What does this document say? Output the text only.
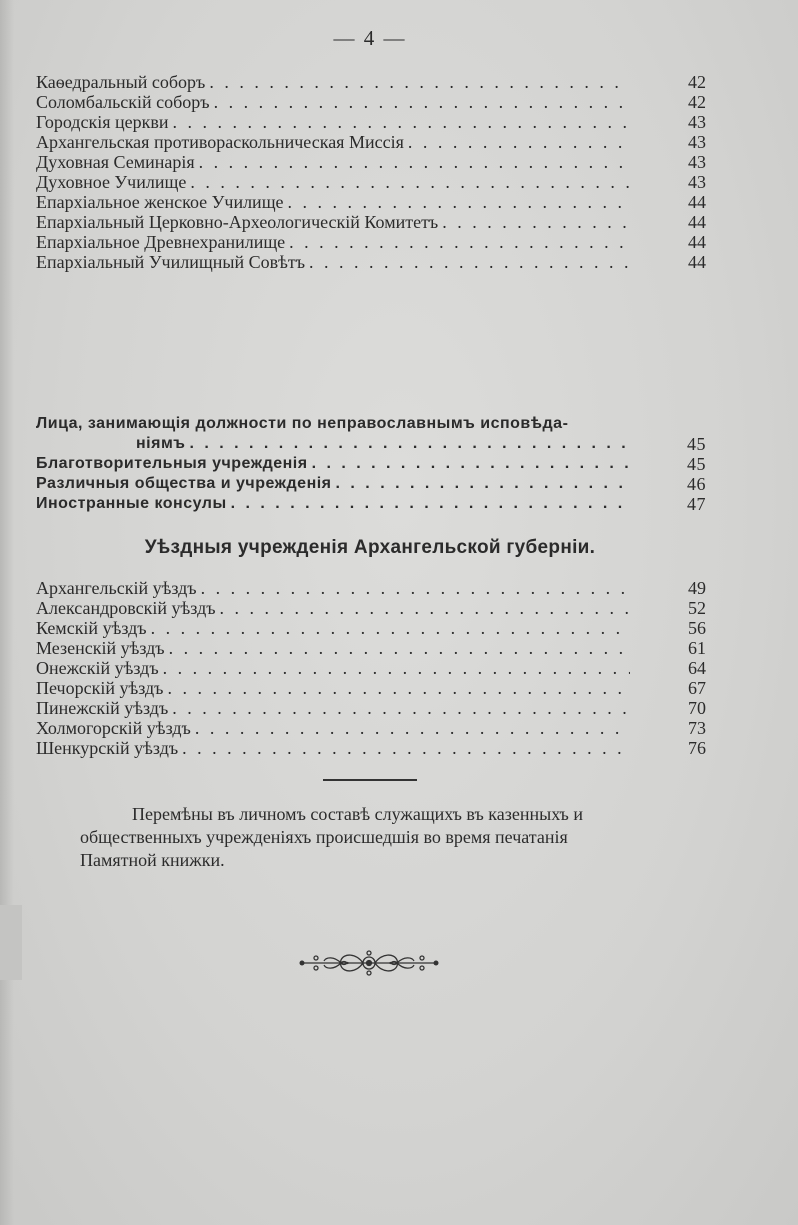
— 4 —
Каѳедральный соборъ . . .	42
Соломбальскій соборъ . . .	42
Городскія церкви . . .	43
Архангельская противораскольническая Миссія . . .	43
Духовная Семинарія . . .	43
Духовное Училище . . .	43
Епархіальное женское Училище . . .	44
Епархіальный Церковно-Археологическій Комитетъ . . .	44
Епархіальное Древнехранилище . . .	44
Епархіальный Училищный Совѣтъ . . .	44
Лица, занимающія должности по неправославнымъ исповѣда-
ніямъ . . .	45
Благотворительныя учрежденія . . .	45
Различныя общества и учрежденія . . .	46
Иностранные консулы . . .	47
Уѣздныя учрежденія Архангельской губерніи.
Архангельскій уѣздъ . . .	49
Александровскій уѣздъ . . .	52
Кемскій уѣздъ . . .	56
Мезенскій уѣздъ . . .	61
Онежскій уѣздъ . . .	64
Печорскій уѣздъ . . .	67
Пинежскій уѣздъ . . .	70
Холмогорскій уѣздъ . . .	73
Шенкурскій уѣздъ . . .	76
Перемѣны въ личномъ составѣ служащихъ въ казенныхъ и
общественныхъ учрежденіяхъ происшедшія во время печатанія
Памятной книжки.
